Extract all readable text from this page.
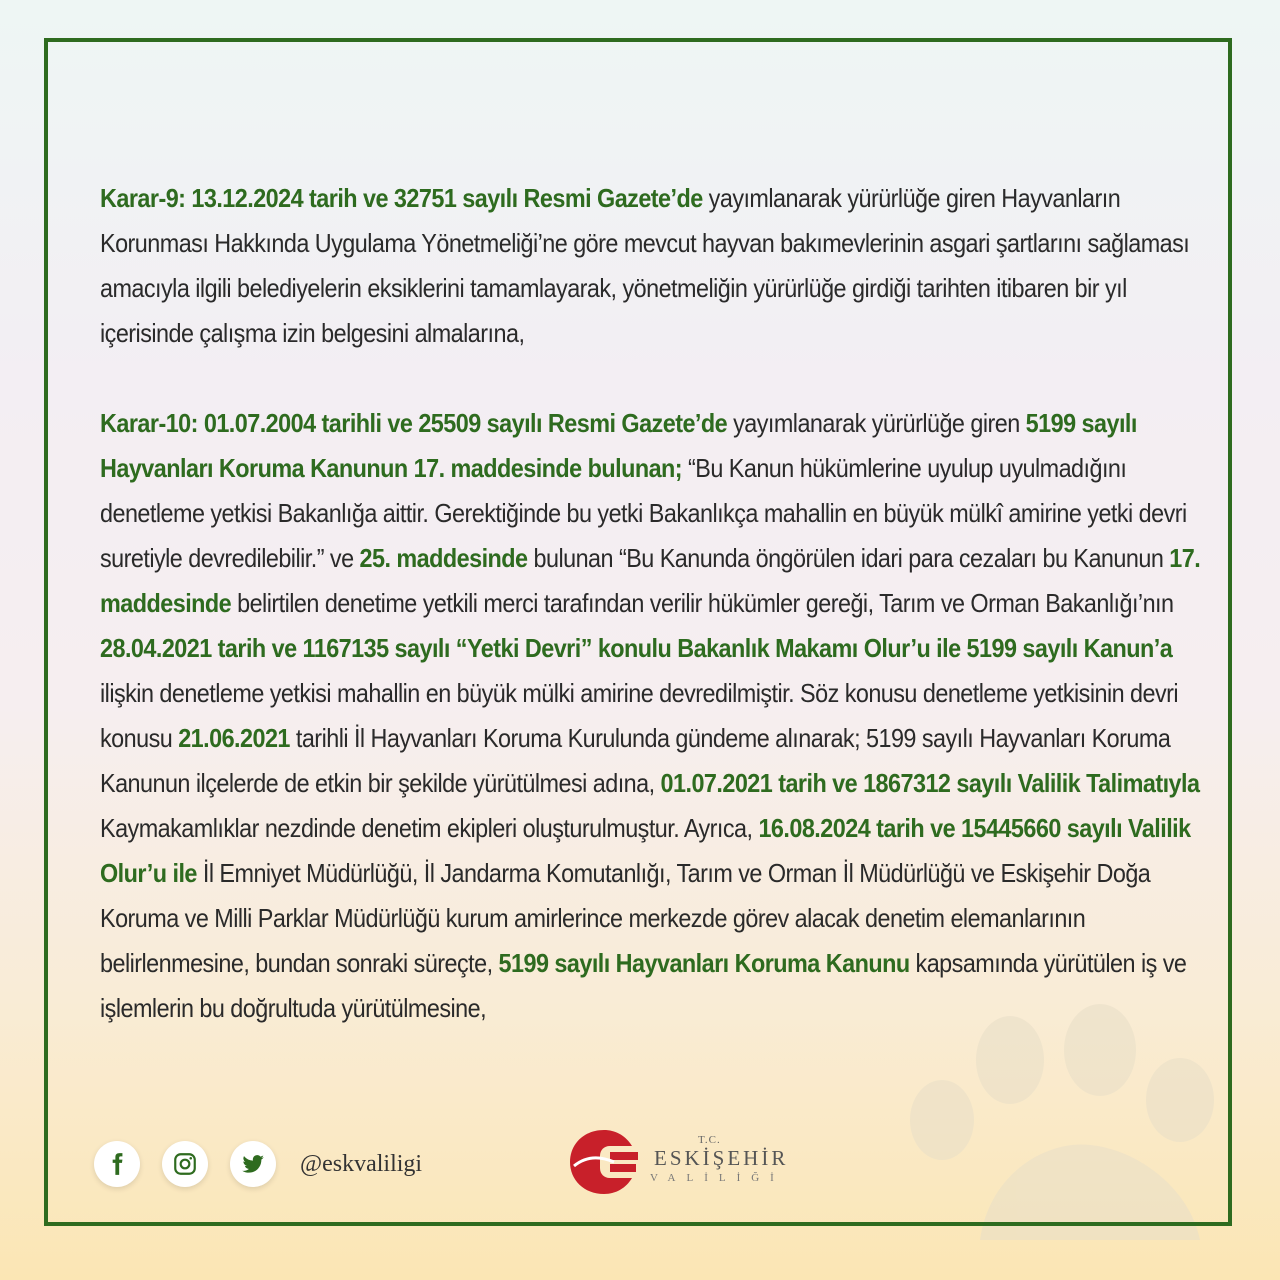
Karar-9: 13.12.2024 tarih ve 32751 sayılı Resmi Gazete’de yayımlanarak yürürlüğe giren Hayvanların Korunması Hakkında Uygulama Yönetmeliği’ne göre mevcut hayvan bakımevlerinin asgari şartlarını sağlaması amacıyla ilgili belediyelerin eksiklerini tamamlayarak, yönetmeliğin yürürlüğe girdiği tarihten itibaren bir yıl içerisinde çalışma izin belgesini almalarına,

Karar-10: 01.07.2004 tarihli ve 25509 sayılı Resmi Gazete’de yayımlanarak yürürlüğe giren 5199 sayılı Hayvanları Koruma Kanunun 17. maddesinde bulunan; “Bu Kanun hükümlerine uyulup uyulmadığını denetleme yetkisi Bakanlığa aittir. Gerektiğinde bu yetki Bakanlıkça mahallin en büyük mülkî amirine yetki devri suretiyle devredilebilir.” ve 25. maddesinde bulunan “Bu Kanunda öngörülen idari para cezaları bu Kanunun 17. maddesinde belirtilen denetime yetkili merci tarafından verilir hükümler gereği, Tarım ve Orman Bakanlığı’nın 28.04.2021 tarih ve 1167135 sayılı “Yetki Devri” konulu Bakanlık Makamı Olur’u ile 5199 sayılı Kanun’a ilişkin denetleme yetkisi mahallin en büyük mülki amirine devredilmiştir. Söz konusu denetleme yetkisinin devri konusu 21.06.2021 tarihli İl Hayvanları Koruma Kurulunda gündeme alınarak; 5199 sayılı Hayvanları Koruma Kanunun ilçelerde de etkin bir şekilde yürütülmesi adına, 01.07.2021 tarih ve 1867312 sayılı Valilik Talimatıyla Kaymakamlıklar nezdinde denetim ekipleri oluşturulmuştur. Ayrıca, 16.08.2024 tarih ve 15445660 sayılı Valilik Olur’u ile İl Emniyet Müdürlüğü, İl Jandarma Komutanlığı, Tarım ve Orman İl Müdürlüğü ve Eskişehir Doğa Koruma ve Milli Parklar Müdürlüğü kurum amirlerince merkezde görev alacak denetim elemanlarının belirlenmesine, bundan sonraki süreçte, 5199 sayılı Hayvanları Koruma Kanunu kapsamında yürütülen iş ve işlemlerin bu doğrultuda yürütülmesine,

@eskvaliligi
T.C.
ESKİŞEHİR
VALİLİĞİ
